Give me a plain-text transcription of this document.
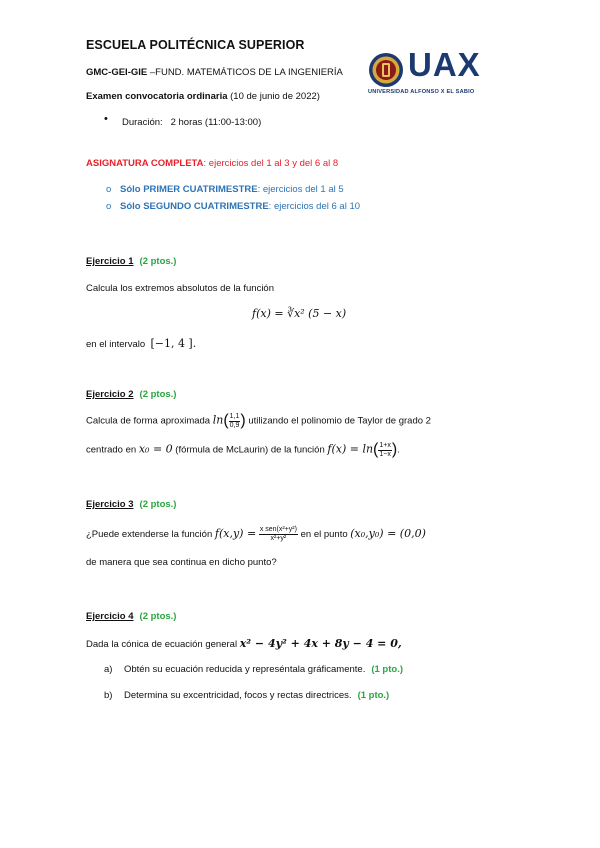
ESCUELA POLITÉCNICA SUPERIOR
GMC-GEI-GIE –FUND. MATEMÁTICOS DE LA INGENIERÍA
Examen convocatoria ordinaria (10 de junio de 2022)
• Duración: 2 horas (11:00-13:00)
UAX
UNIVERSIDAD ALFONSO X EL SABIO
ASIGNATURA COMPLETA: ejercicios del 1 al 3 y del 6 al 8
o Sólo PRIMER CUATRIMESTRE: ejercicios del 1 al 5
o Sólo SEGUNDO CUATRIMESTRE: ejercicios del 6 al 10
Ejercicio 1 (2 ptos.)
Calcula los extremos absolutos de la función
f(x) = ∛x² (5 − x)
en el intervalo  [−1, 4 ].
Ejercicio 2 (2 ptos.)
Calcula de forma aproximada $\ln( \frac{1,1}{0,9}$ ) utilizando el polinomio de Taylor de grado 2
centrado en x₀ = 0 (fórmula de McLaurin) de la función $f(x) = \ln( \frac{1+x}{1-x}$ ).
Ejercicio 3 (2 ptos.)
¿Puede extenderse la función $f(x,y) = \frac{\text{x sen(x²+y²)}}{\text{x²+y²}}$ en el punto (x₀,y₀) = (0,0)
de manera que sea continua en dicho punto?
Ejercicio 4 (2 ptos.)
Dada la cónica de ecuación general x² − 4y² + 4x + 8y − 4 = 0,
a) Obtén su ecuación reducida y represéntala gráficamente. (1 pto.)
b) Determina su excentricidad, focos y rectas directrices. (1 pto.)
